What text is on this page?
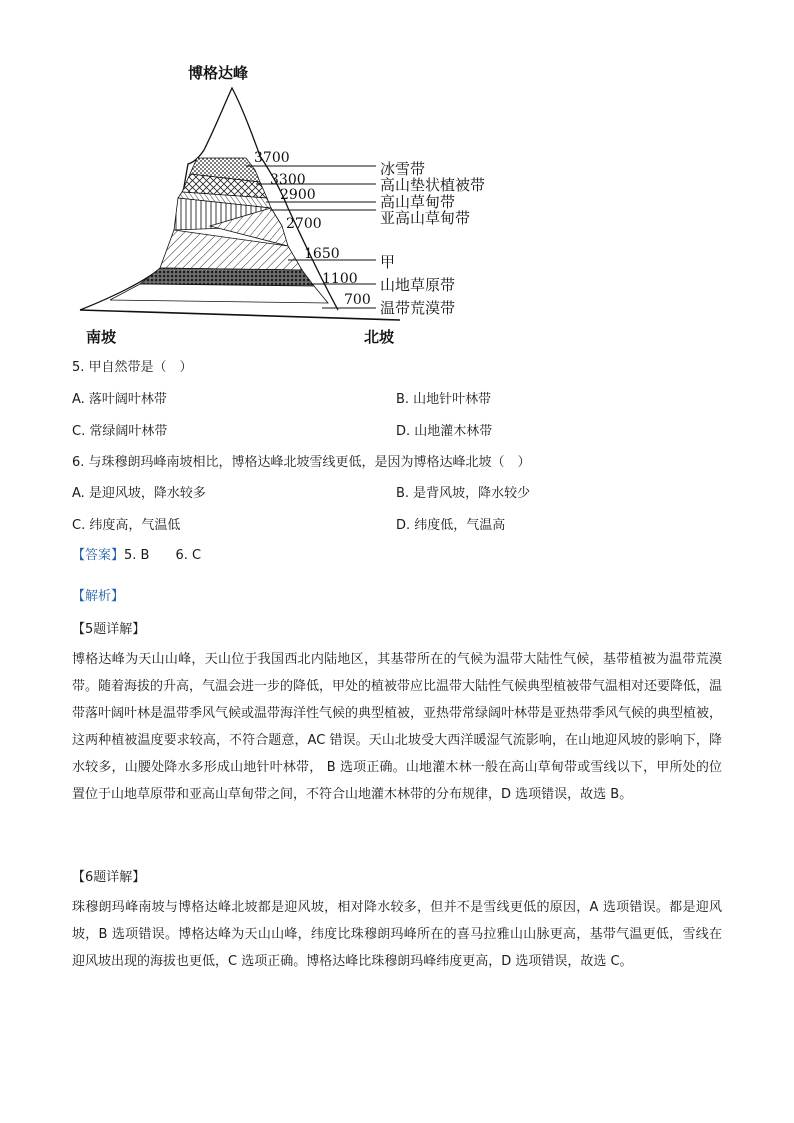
博格达峰
3700
冰雪带
3300	高山垫状植被带
2900	高山草甸带
2700	亚高山草甸带
1650	甲
1100 山地草原带
700 温带荒漠带
南坡	北坡
5. 甲自然带是（　）
A. 落叶阔叶林带	B. 山地针叶林带
C. 常绿阔叶林带	D. 山地灌木林带
6. 与珠穆朗玛峰南坡相比，博格达峰北坡雪线更低，是因为博格达峰北坡（　）
A. 是迎风坡，降水较多	B. 是背风坡，降水较少
C. 纬度高，气温低	D. 纬度低，气温高
【答案】5. B　　6. C
【解析】
【5题详解】
博格达峰为天山山峰，天山位于我国西北内陆地区，其基带所在的气候为温带大陆性气候，基带植被为温带荒漠带。随着海拔的升高，气温会进一步的降低，甲处的植被带应比温带大陆性气候典型植被带气温相对还要降低，温带落叶阔叶林是温带季风气候或温带海洋性气候的典型植被，亚热带常绿阔叶林带是亚热带季风气候的典型植被，这两种植被温度要求较高，不符合题意，AC 错误。天山北坡受大西洋暖湿气流影响，在山地迎风坡的影响下，降水较多，山腰处降水多形成山地针叶林带， B 选项正确。山地灌木林一般在高山草甸带或雪线以下，甲所处的位置位于山地草原带和亚高山草甸带之间，不符合山地灌木林带的分布规律，D 选项错误，故选 B。
【6题详解】
珠穆朗玛峰南坡与博格达峰北坡都是迎风坡，相对降水较多，但并不是雪线更低的原因，A 选项错误。都是迎风坡，B 选项错误。博格达峰为天山山峰，纬度比珠穆朗玛峰所在的喜马拉雅山山脉更高，基带气温更低，雪线在迎风坡出现的海拔也更低，C 选项正确。博格达峰比珠穆朗玛峰纬度更高，D 选项错误，故选 C。
